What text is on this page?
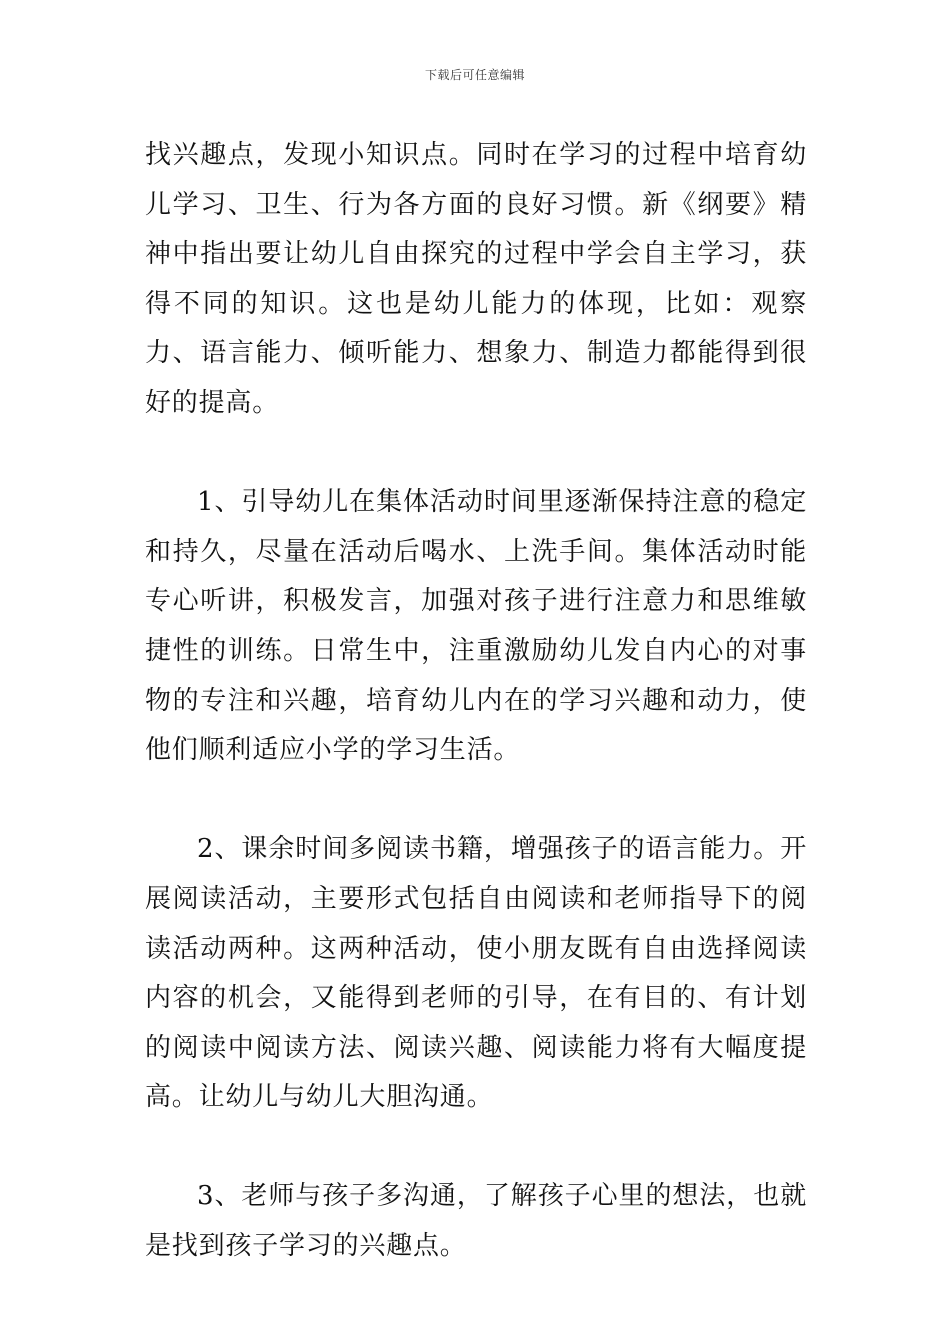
下载后可任意编辑

找兴趣点，发现小知识点。同时在学习的过程中培育幼儿学习、卫生、行为各方面的良好习惯。新《纲要》精神中指出要让幼儿自由探究的过程中学会自主学习，获得不同的知识。这也是幼儿能力的体现，比如：观察力、语言能力、倾听能力、想象力、制造力都能得到很好的提高。

1、引导幼儿在集体活动时间里逐渐保持注意的稳定和持久，尽量在活动后喝水、上洗手间。集体活动时能专心听讲，积极发言，加强对孩子进行注意力和思维敏捷性的训练。日常生中，注重激励幼儿发自内心的对事物的专注和兴趣，培育幼儿内在的学习兴趣和动力，使他们顺利适应小学的学习生活。

2、课余时间多阅读书籍，增强孩子的语言能力。开展阅读活动，主要形式包括自由阅读和老师指导下的阅读活动两种。这两种活动，使小朋友既有自由选择阅读内容的机会，又能得到老师的引导，在有目的、有计划的阅读中阅读方法、阅读兴趣、阅读能力将有大幅度提高。让幼儿与幼儿大胆沟通。

3、老师与孩子多沟通，了解孩子心里的想法，也就是找到孩子学习的兴趣点。
